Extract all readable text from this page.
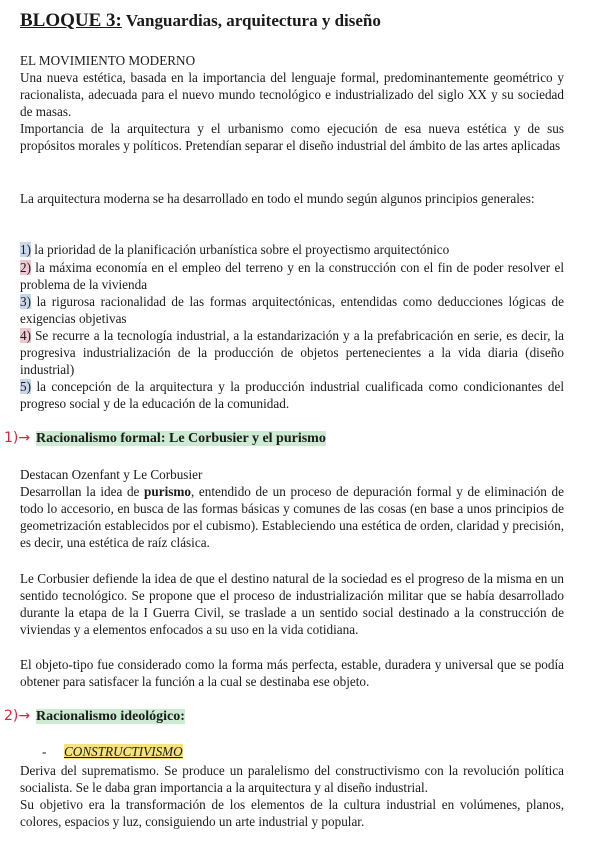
BLOQUE 3: Vanguardias, arquitectura y diseño

EL MOVIMIENTO MODERNO

Una nueva estética, basada en la importancia del lenguaje formal, predominantemente geométrico y racionalista, adecuada para el nuevo mundo tecnológico e industrializado del siglo XX y su sociedad de masas.

Importancia de la arquitectura y el urbanismo como ejecución de esa nueva estética y de sus propósitos morales y políticos. Pretendían separar el diseño industrial del ámbito de las artes aplicadas

La arquitectura moderna se ha desarrollado en todo el mundo según algunos principios generales:

1) la prioridad de la planificación urbanística sobre el proyectismo arquitectónico

2) la máxima economía en el empleo del terreno y en la construcción con el fin de poder resolver el problema de la vivienda

3) la rigurosa racionalidad de las formas arquitectónicas, entendidas como deducciones lógicas de exigencias objetivas

4) Se recurre a la tecnología industrial, a la estandarización y a la prefabricación en serie, es decir, la progresiva industrialización de la producción de objetos pertenecientes a la vida diaria (diseño industrial)

5) la concepción de la arquitectura y la producción industrial cualificada como condicionantes del progreso social y de la educación de la comunidad.

1)→ Racionalismo formal: Le Corbusier y el purismo

Destacan Ozenfant y Le Corbusier

Desarrollan la idea de purismo, entendido de un proceso de depuración formal y de eliminación de todo lo accesorio, en busca de las formas básicas y comunes de las cosas (en base a unos principios de geometrización establecidos por el cubismo). Estableciendo una estética de orden, claridad y precisión, es decir, una estética de raíz clásica.

Le Corbusier defiende la idea de que el destino natural de la sociedad es el progreso de la misma en un sentido tecnológico. Se propone que el proceso de industrialización militar que se había desarrollado durante la etapa de la I Guerra Civil, se traslade a un sentido social destinado a la construcción de viviendas y a elementos enfocados a su uso en la vida cotidiana.

El objeto-tipo fue considerado como la forma más perfecta, estable, duradera y universal que se podía obtener para satisfacer la función a la cual se destinaba ese objeto.

2)→ Racionalismo ideológico:

- CONSTRUCTIVISMO

Deriva del suprematismo. Se produce un paralelismo del constructivismo con la revolución política socialista. Se le daba gran importancia a la arquitectura y al diseño industrial.

Su objetivo era la transformación de los elementos de la cultura industrial en volúmenes, planos, colores, espacios y luz, consiguiendo un arte industrial y popular.
